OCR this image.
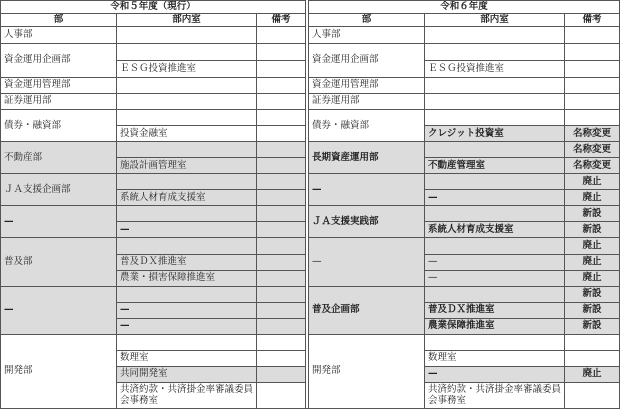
令和５年度（現行）				令和６年度		
部	部内室	備考		部	部内室	備考
人事部				人事部		
資金運用企画部				資金運用企画部		
	ＥＳＧ投資推進室				ＥＳＧ投資推進室	
資金運用管理部				資金運用管理部		
証券運用部				証券運用部		
債券・融資部				債券・融資部		
	投資金融室				クレジット投資室	名称変更
不動産部				長期資産運用部		名称変更
	施設計画管理室				不動産管理室	名称変更
ＪＡ支援企画部				—		廃止
	系統人材育成支援室				—	廃止
—				ＪＡ支援実践部		新設
	—				系統人材育成支援室	新設
普及部				—		廃止
	普及ＤＸ推進室				—	廃止
	農業・損害保障推進室				—	廃止
—				普及企画部		新設
	—				普及ＤＸ推進室	新設
	—				農業保障推進室	新設
開発部				開発部		
	数理室				数理室	
	共同開発室				—	廃止
	共済約款・共済掛金率審議委員会事務室				共済約款・共済掛金率審議委員会事務室	
